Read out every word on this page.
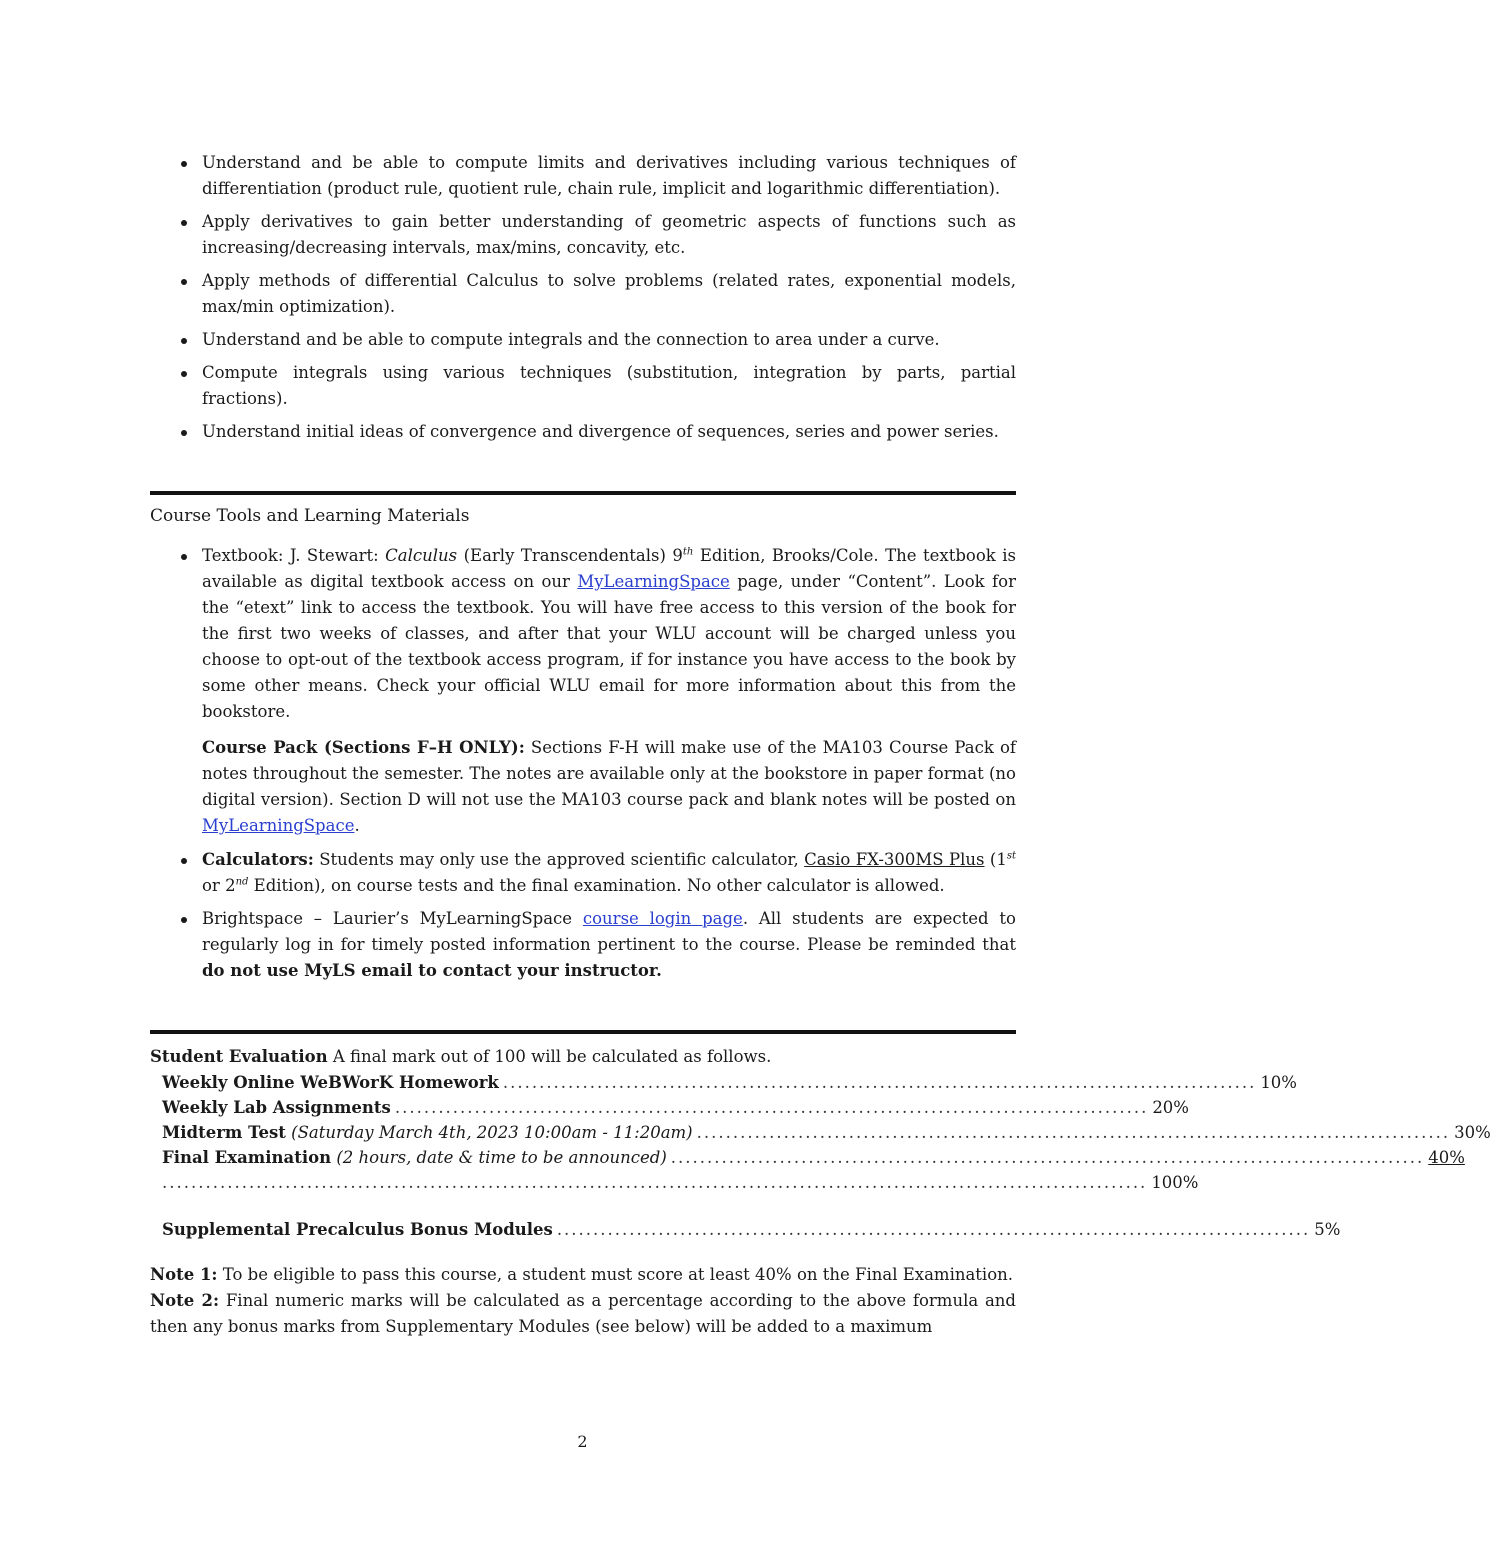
Understand and be able to compute limits and derivatives including various techniques of differentiation (product rule, quotient rule, chain rule, implicit and logarithmic differentiation).
Apply derivatives to gain better understanding of geometric aspects of functions such as increasing/decreasing intervals, max/mins, concavity, etc.
Apply methods of differential Calculus to solve problems (related rates, exponential models, max/min optimization).
Understand and be able to compute integrals and the connection to area under a curve.
Compute integrals using various techniques (substitution, integration by parts, partial fractions).
Understand initial ideas of convergence and divergence of sequences, series and power series.
Course Tools and Learning Materials
Textbook: J. Stewart: Calculus (Early Transcendentals) 9th Edition, Brooks/Cole. The textbook is available as digital textbook access on our MyLearningSpace page, under “Content”. Look for the “etext” link to access the textbook. You will have free access to this version of the book for the first two weeks of classes, and after that your WLU account will be charged unless you choose to opt-out of the textbook access program, if for instance you have access to the book by some other means. Check your official WLU email for more information about this from the bookstore.
Course Pack (Sections F–H ONLY): Sections F-H will make use of the MA103 Course Pack of notes throughout the semester. The notes are available only at the bookstore in paper format (no digital version). Section D will not use the MA103 course pack and blank notes will be posted on MyLearningSpace.
Calculators: Students may only use the approved scientific calculator, Casio FX-300MS Plus (1st or 2nd Edition), on course tests and the final examination. No other calculator is allowed.
Brightspace – Laurier’s MyLearningSpace course login page. All students are expected to regularly log in for timely posted information pertinent to the course. Please be reminded that do not use MyLS email to contact your instructor.
Student Evaluation A final mark out of 100 will be calculated as follows.
Weekly Online WeBWorK Homework ........................................................................................................ 10%
Weekly Lab Assignments ........................................................................................................ 20%
Midterm Test (Saturday March 4th, 2023 10:00am - 11:20am) ........................................................................................................ 30%
Final Examination (2 hours, date & time to be announced) ........................................................................................................ 40%
........................................................................................................................................ 100%
Supplemental Precalculus Bonus Modules ........................................................................................................ 5%
Note 1: To be eligible to pass this course, a student must score at least 40% on the Final Examination.
Note 2: Final numeric marks will be calculated as a percentage according to the above formula and then any bonus marks from Supplementary Modules (see below) will be added to a maximum
2
